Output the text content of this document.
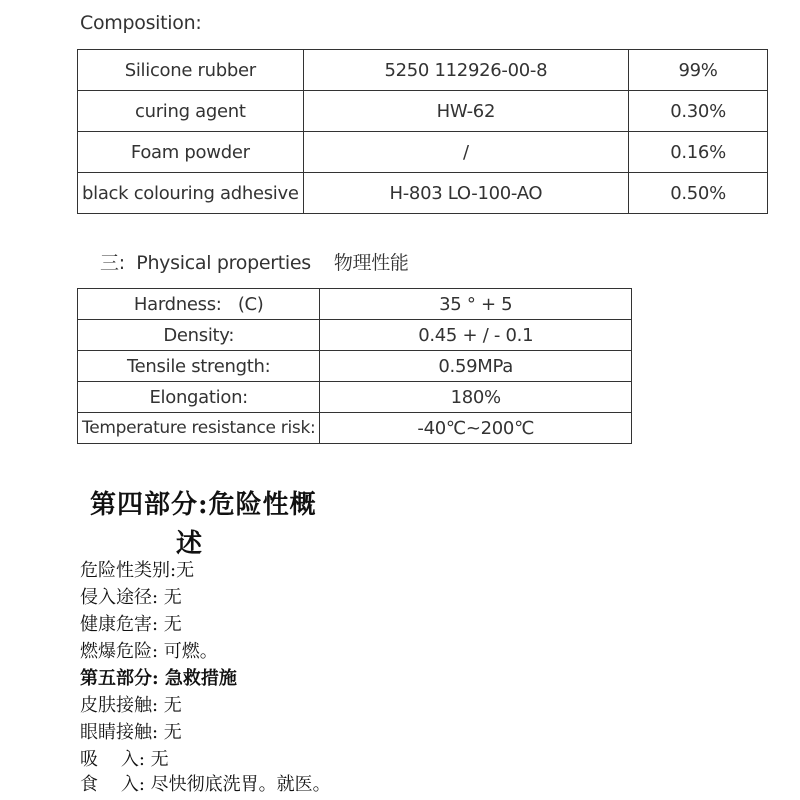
Composition:
Silicone rubber	5250 112926-00-8	99%
curing agent	HW-62	0.30%
Foam powder	/	0.16%
black colouring adhesive	H-803 LO-100-AO	0.50%
三:  Physical properties    物理性能
Hardness:   (C)	35 ° + 5
Density:	0.45 + / - 0.1
Tensile strength:	0.59MPa
Elongation:	180%
Temperature resistance risk:	-40℃~200℃
第四部分:危险性概
述
危险性类别:无
侵入途径: 无
健康危害: 无
燃爆危险: 可燃。
第五部分: 急救措施
皮肤接触: 无
眼睛接触: 无
吸    入: 无
食    入: 尽快彻底洗胃。就医。
